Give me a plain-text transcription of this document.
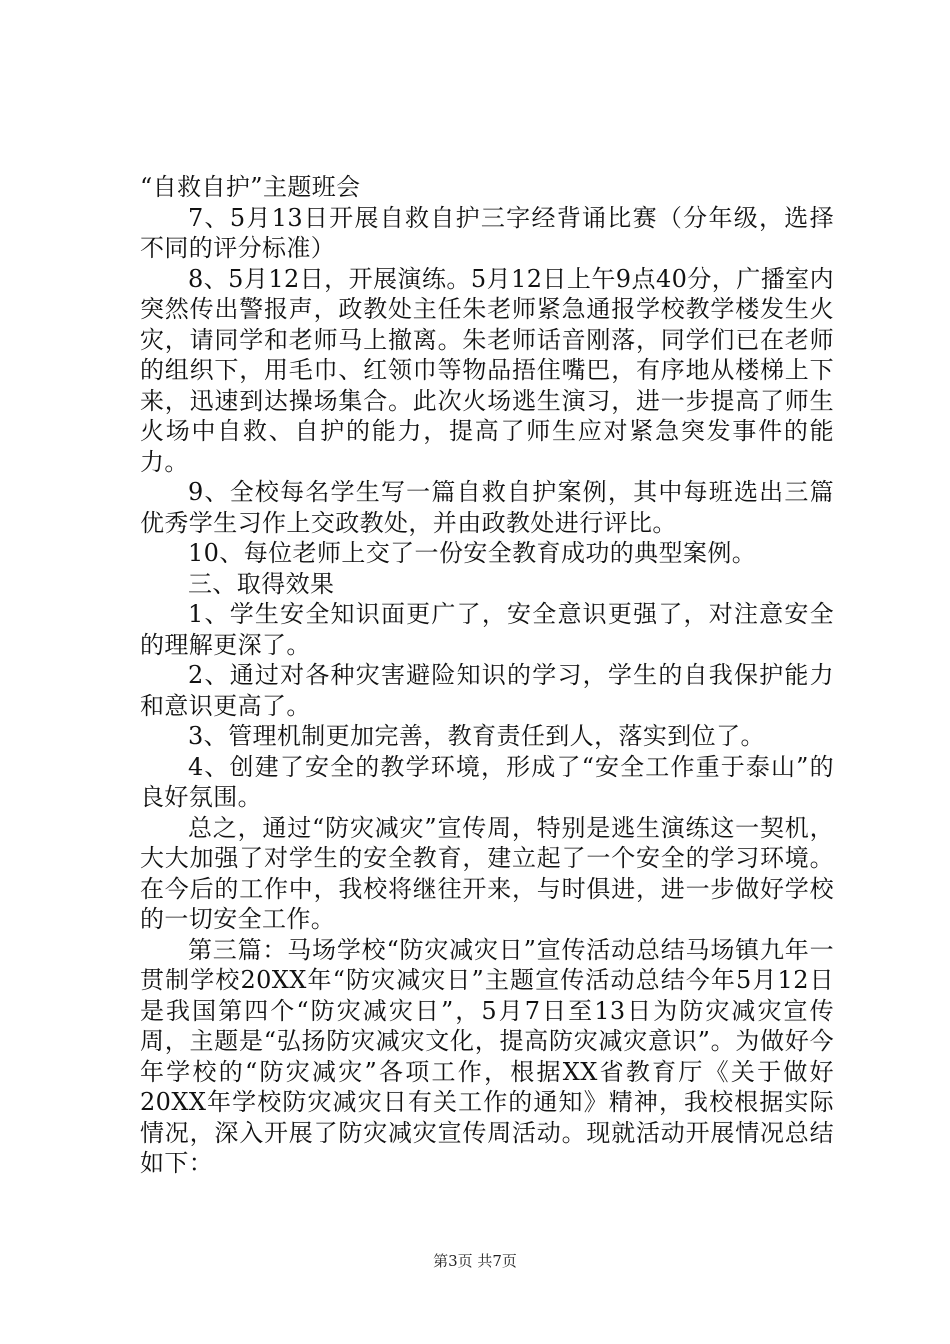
“自救自护”主题班会

7、5月13日开展自救自护三字经背诵比赛（分年级，选择不同的评分标准）

8、5月12日，开展演练。5月12日上午9点40分，广播室内突然传出警报声，政教处主任朱老师紧急通报学校教学楼发生火灾，请同学和老师马上撤离。朱老师话音刚落，同学们已在老师的组织下，用毛巾、红领巾等物品捂住嘴巴，有序地从楼梯上下来，迅速到达操场集合。此次火场逃生演习，进一步提高了师生火场中自救、自护的能力，提高了师生应对紧急突发事件的能力。

9、全校每名学生写一篇自救自护案例，其中每班选出三篇优秀学生习作上交政教处，并由政教处进行评比。

10、每位老师上交了一份安全教育成功的典型案例。

三、取得效果

1、学生安全知识面更广了，安全意识更强了，对注意安全的理解更深了。

2、通过对各种灾害避险知识的学习，学生的自我保护能力和意识更高了。

3、管理机制更加完善，教育责任到人，落实到位了。

4、创建了安全的教学环境，形成了“安全工作重于泰山”的良好氛围。

总之，通过“防灾减灾”宣传周，特别是逃生演练这一契机，大大加强了对学生的安全教育，建立起了一个安全的学习环境。在今后的工作中，我校将继往开来，与时俱进，进一步做好学校的一切安全工作。

第三篇：马场学校“防灾减灾日”宣传活动总结马场镇九年一贯制学校20XX年“防灾减灾日”主题宣传活动总结今年5月12日是我国第四个“防灾减灾日”，5月7日至13日为防灾减灾宣传周，主题是“弘扬防灾减灾文化，提高防灾减灾意识”。为做好今年学校的“防灾减灾”各项工作，根据XX省教育厅《关于做好20XX年学校防灾减灾日有关工作的通知》精神，我校根据实际情况，深入开展了防灾减灾宣传周活动。现就活动开展情况总结如下：

第3页 共7页
